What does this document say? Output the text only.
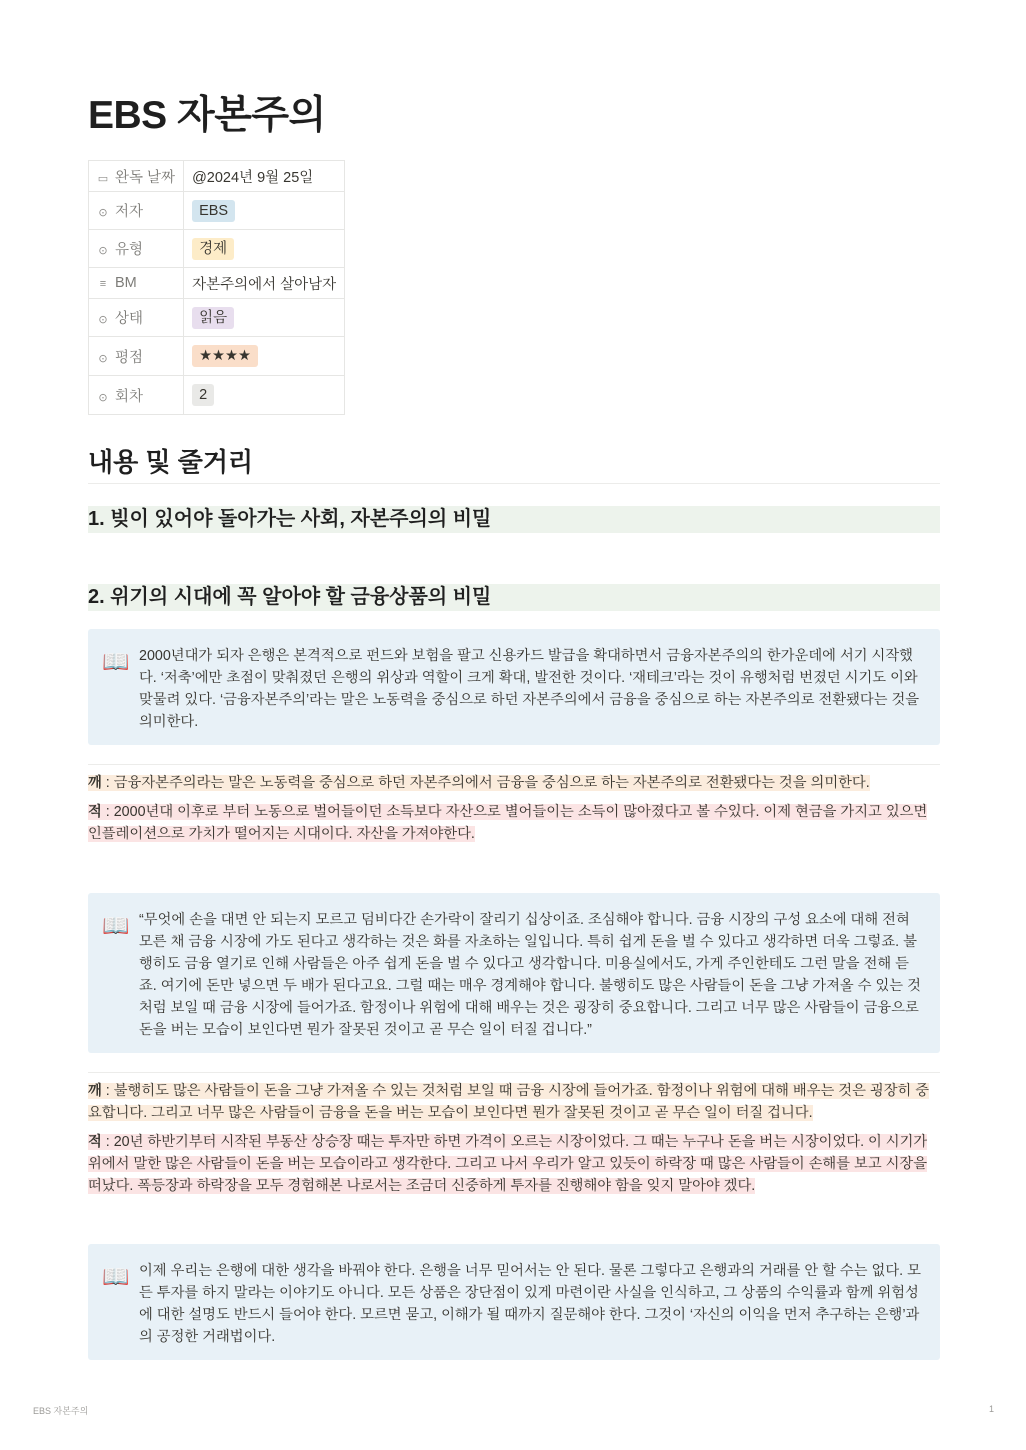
EBS 자본주의
▭ 완독 날짜	@2024년 9월 25일
⊙ 저자	EBS
⊙ 유형	경제
≡ BM	자본주의에서 살아남자
⊙ 상태	읽음
⊙ 평점	★★★★
⊙ 회차	2
내용 및 줄거리
1. 빚이 있어야 돌아가는 사회, 자본주의의 비밀
2. 위기의 시대에 꼭 알아야 할 금융상품의 비밀
📖 2000년대가 되자 은행은 본격적으로 펀드와 보험을 팔고 신용카드 발급을 확대하면서 금융자본주의의 한가운데에 서기 시작했다. ‘저축’에만 초점이 맞춰졌던 은행의 위상과 역할이 크게 확대, 발전한 것이다. ‘재테크’라는 것이 유행처럼 번졌던 시기도 이와 맞물려 있다. ‘금융자본주의’라는 말은 노동력을 중심으로 하던 자본주의에서 금융을 중심으로 하는 자본주의로 전환됐다는 것을 의미한다.

깨 : 금융자본주의라는 말은 노동력을 중심으로 하던 자본주의에서 금융을 중심으로 하는 자본주의로 전환됐다는 것을 의미한다.

적 : 2000년대 이후로 부터 노동으로 벌어들이던 소득보다 자산으로 별어들이는 소득이 많아졌다고 볼 수있다. 이제 현금을 가지고 있으면 인플레이션으로 가치가 떨어지는 시대이다. 자산을 가져야한다.

📖 “무엇에 손을 대면 안 되는지 모르고 덤비다간 손가락이 잘리기 십상이죠. 조심해야 합니다. 금융 시장의 구성 요소에 대해 전혀 모른 채 금융 시장에 가도 된다고 생각하는 것은 화를 자초하는 일입니다. 특히 쉽게 돈을 벌 수 있다고 생각하면 더욱 그렇죠. 불행히도 금융 열기로 인해 사람들은 아주 쉽게 돈을 벌 수 있다고 생각합니다. 미용실에서도, 가게 주인한테도 그런 말을 전해 듣죠. 여기에 돈만 넣으면 두 배가 된다고요. 그럴 때는 매우 경계해야 합니다. 불행히도 많은 사람들이 돈을 그냥 가져올 수 있는 것처럼 보일 때 금융 시장에 들어가죠. 함정이나 위험에 대해 배우는 것은 굉장히 중요합니다. 그리고 너무 많은 사람들이 금융으로 돈을 버는 모습이 보인다면 뭔가 잘못된 것이고 곧 무슨 일이 터질 겁니다.”

깨 : 불행히도 많은 사람들이 돈을 그냥 가져올 수 있는 것처럼 보일 때 금융 시장에 들어가죠. 함정이나 위험에 대해 배우는 것은 굉장히 중요합니다. 그리고 너무 많은 사람들이 금융을 돈을 버는 모습이 보인다면 뭔가 잘못된 것이고 곧 무슨 일이 터질 겁니다.

적 : 20년 하반기부터 시작된 부동산 상승장 때는 투자만 하면 가격이 오르는 시장이었다. 그 때는 누구나 돈을 버는 시장이었다. 이 시기가 위에서 말한 많은 사람들이 돈을 버는 모습이라고 생각한다. 그리고 나서 우리가 알고 있듯이 하락장 때 많은 사람들이 손해를 보고 시장을 떠났다. 폭등장과 하락장을 모두 경험해본 나로서는 조금더 신중하게 투자를 진행해야 함을 잊지 말아야 겠다.

📖 이제 우리는 은행에 대한 생각을 바꿔야 한다. 은행을 너무 믿어서는 안 된다. 물론 그렇다고 은행과의 거래를 안 할 수는 없다. 모든 투자를 하지 말라는 이야기도 아니다. 모든 상품은 장단점이 있게 마련이란 사실을 인식하고, 그 상품의 수익률과 함께 위험성에 대한 설명도 반드시 들어야 한다. 모르면 묻고, 이해가 될 때까지 질문해야 한다. 그것이 ‘자신의 이익을 먼저 추구하는 은행’과의 공정한 거래법이다.

EBS 자본주의	1
